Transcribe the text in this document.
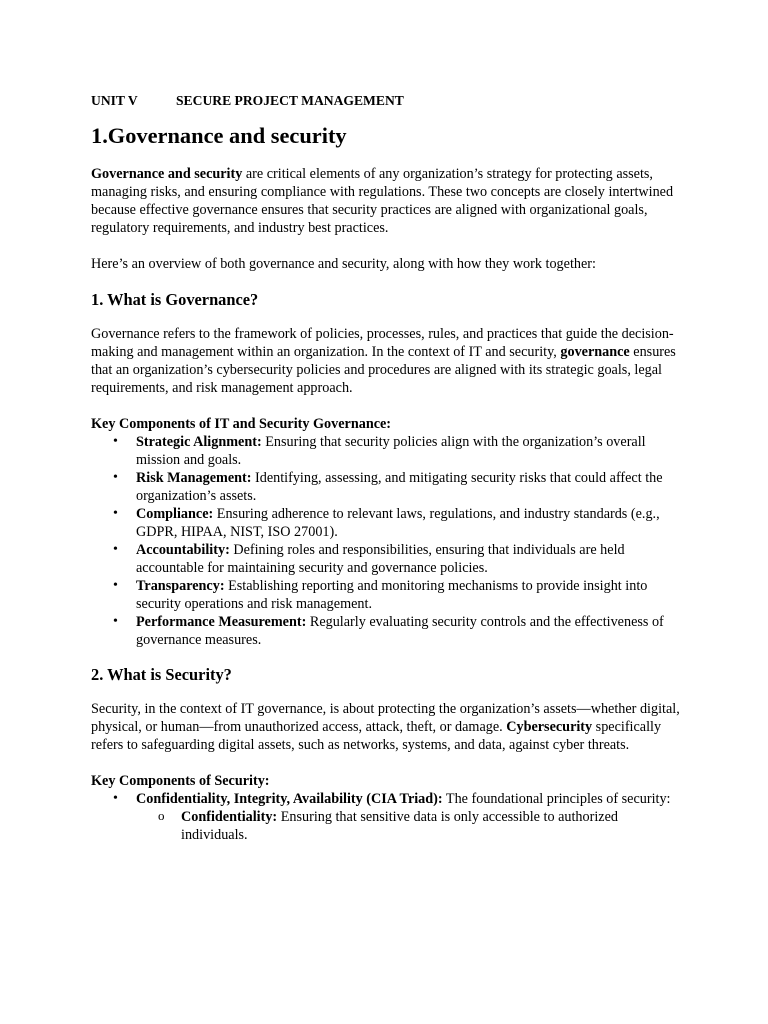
UNIT V	SECURE PROJECT MANAGEMENT

1.Governance and security

Governance and security are critical elements of any organization’s strategy for protecting assets, managing risks, and ensuring compliance with regulations. These two concepts are closely intertwined because effective governance ensures that security practices are aligned with organizational goals, regulatory requirements, and industry best practices.

Here’s an overview of both governance and security, along with how they work together:

1. What is Governance?

Governance refers to the framework of policies, processes, rules, and practices that guide the decision-making and management within an organization. In the context of IT and security, governance ensures that an organization’s cybersecurity policies and procedures are aligned with its strategic goals, legal requirements, and risk management approach.

Key Components of IT and Security Governance:

• Strategic Alignment: Ensuring that security policies align with the organization’s overall mission and goals.
• Risk Management: Identifying, assessing, and mitigating security risks that could affect the organization’s assets.
• Compliance: Ensuring adherence to relevant laws, regulations, and industry standards (e.g., GDPR, HIPAA, NIST, ISO 27001).
• Accountability: Defining roles and responsibilities, ensuring that individuals are held accountable for maintaining security and governance policies.
• Transparency: Establishing reporting and monitoring mechanisms to provide insight into security operations and risk management.
• Performance Measurement: Regularly evaluating security controls and the effectiveness of governance measures.
2. What is Security?

Security, in the context of IT governance, is about protecting the organization’s assets—whether digital, physical, or human—from unauthorized access, attack, theft, or damage. Cybersecurity specifically refers to safeguarding digital assets, such as networks, systems, and data, against cyber threats.

Key Components of Security:

• Confidentiality, Integrity, Availability (CIA Triad): The foundational principles of security:
o Confidentiality: Ensuring that sensitive data is only accessible to authorized individuals.
